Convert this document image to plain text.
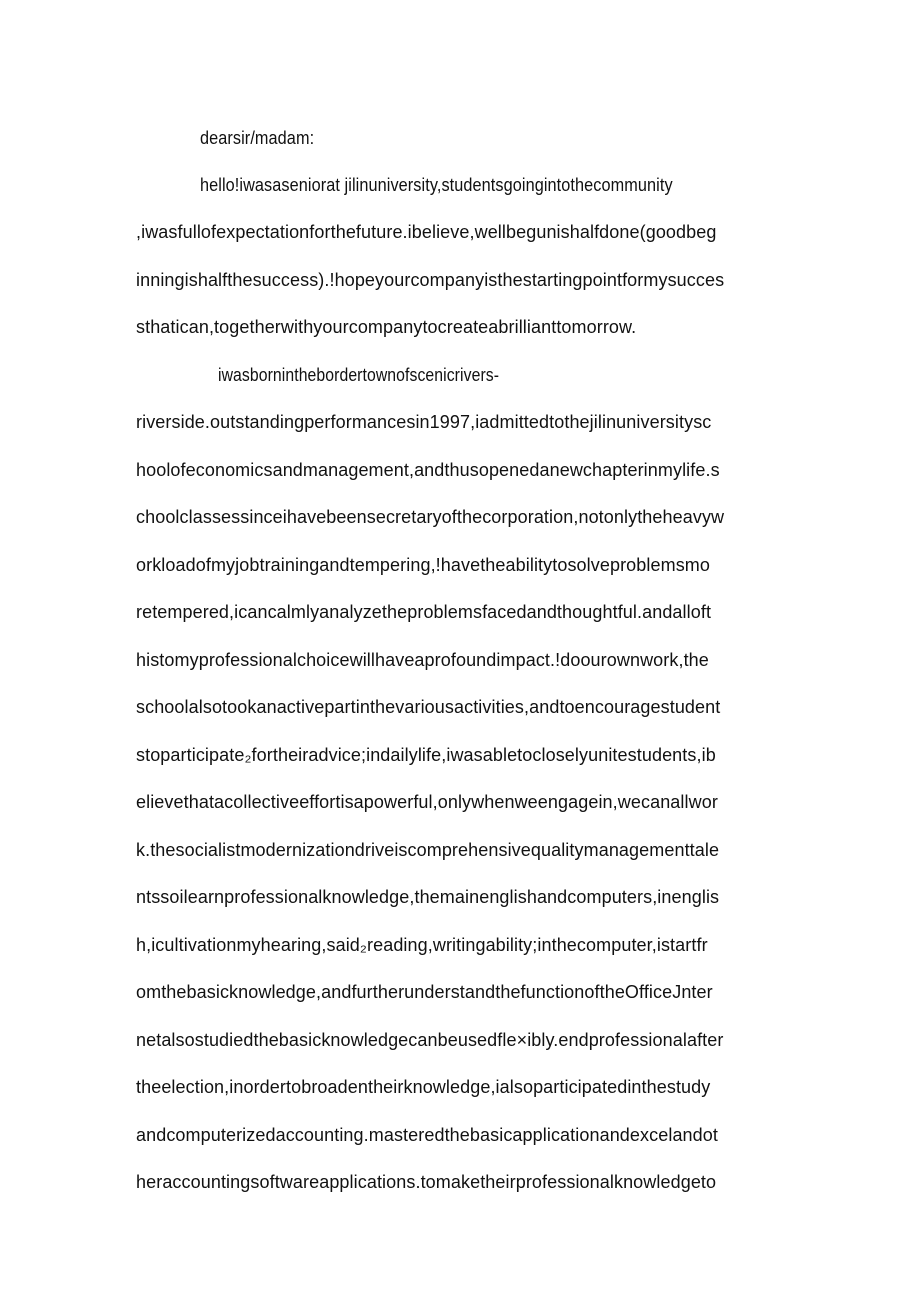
dearsir/madam:
hello!iwasaseniorat jilinuniversity,studentsgoingintothecommunity
,iwasfullofexpectationforthefuture.ibelieve,wellbegunishalfdone(goodbeg
inningishalfthesuccess).!hopeyourcompanyisthestartingpointformysucces
sthatican,togetherwithyourcompanytocreateabrillianttomorrow.
iwasborninthebordertownofscenicrivers-
riverside.outstandingperformancesin1997,iadmittedtothejilinuniversitysc
hoolofeconomicsandmanagement,andthusopenedanewchapterinmylife.s
choolclassessinceihavebeensecretaryofthecorporation,notonlytheheavyw
orkloadofmyjobtrainingandtempering,!havetheabilitytosolveproblemsmo
retempered,icancalmlyanalyzetheproblemsfacedandthoughtful.andalloft
histomyprofessionalchoicewillhaveaprofoundimpact.!doourownwork,the
schoolalsotookanactivepartinthevariousactivities,andtoencouragestudent
stoparticipate₂fortheiradvice;indailylife,iwasabletocloselyunitestudents,ib
elievethatacollectiveeffortisapowerful,onlywhenweengagein,wecanallwor
k.thesocialistmodernizationdriveiscomprehensivequalitymanagementtale
ntssoilearnprofessionalknowledge,themainenglishandcomputers,inenglis
h,icultivationmyhearing,said₂reading,writingability;inthecomputer,istartfr
omthebasicknowledge,andfurtherunderstandthefunctionoftheOfficeJnter
netalsostudiedthebasicknowledgecanbeusedfle×ibly.endprofessionalafter
theelection,inordertobroadentheirknowledge,ialsoparticipatedinthestudy
andcomputerizedaccounting.masteredthebasicapplicationandexcelandot
heraccountingsoftwareapplications.tomaketheirprofessionalknowledgeto
